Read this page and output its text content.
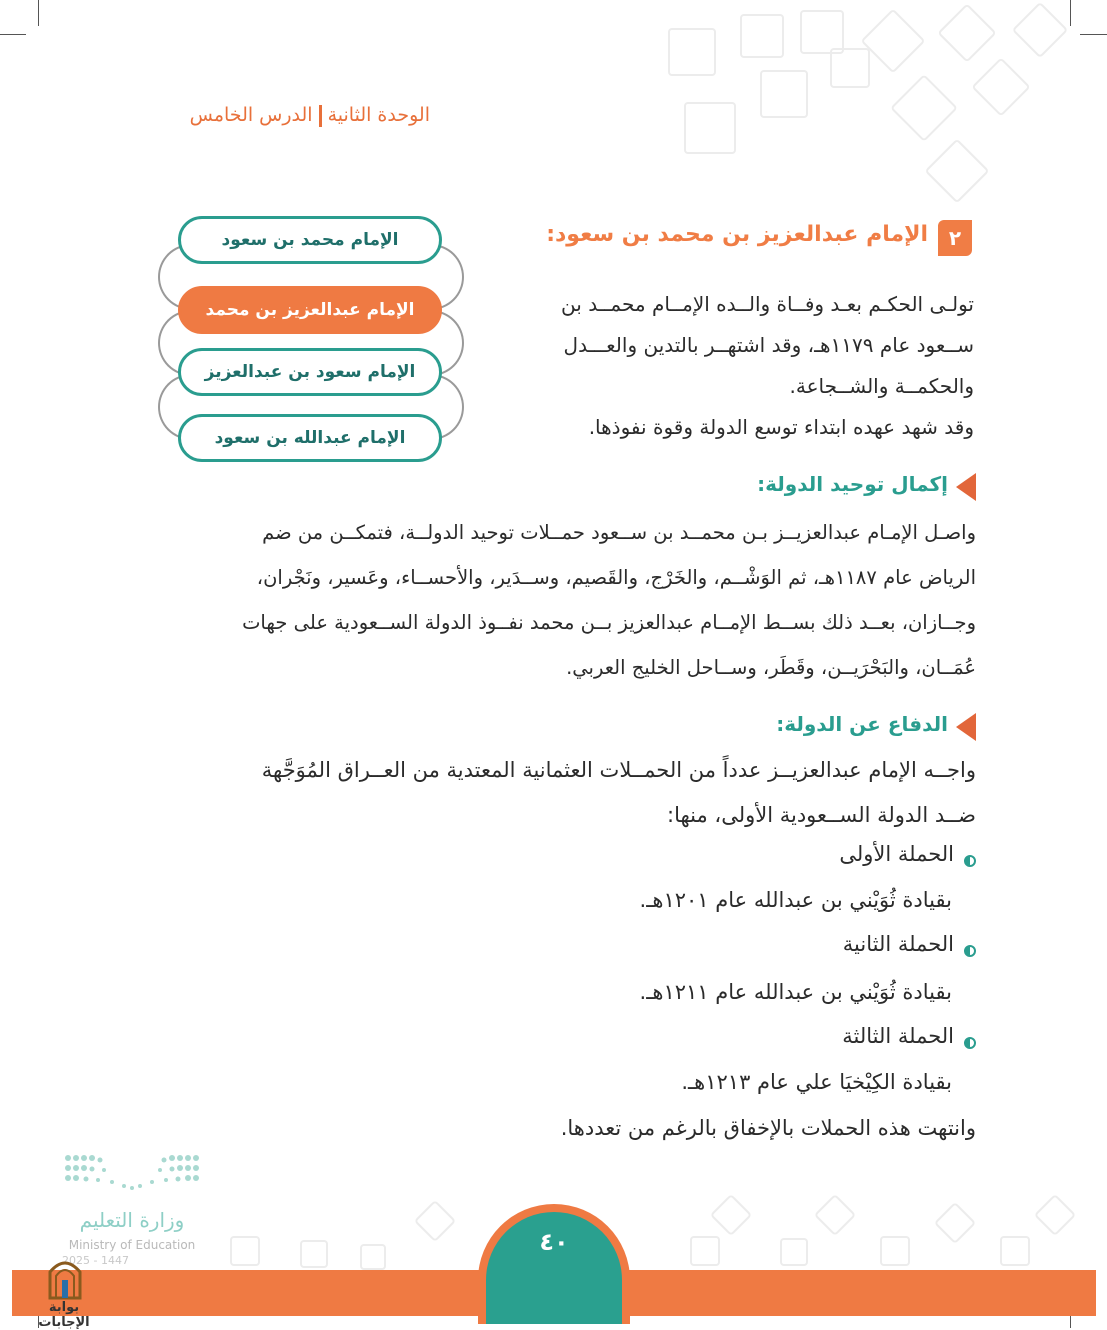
الوحدة الثانيةالدرس الخامس
٢
الإمام عبدالعزيز بن محمد بن سعود:

تولـى الحكـم بعـد وفــاة والــده الإمــام محمــد بن

ســعود عام ١١٧٩هـ، وقد اشتهــر بالتدين والعـــدل

والحكمــة والشــجاعة.

وقد شهد عهده ابتداء توسع الدولة وقوة نفوذها.

الإمام محمد بن سعود
الإمام عبدالعزيز بن محمد
الإمام سعود بن عبدالعزيز
الإمام عبدالله بن سعود
إكمال توحيد الدولة:

واصـل الإمـام عبدالعزيــز بـن محمــد بن ســعود حمــلات توحيد الدولــة، فتمكــن من ضم

الرياض عام ١١٨٧هـ، ثم الوَشْــم، والخَرْج، والقَصيم، وســدَير، والأحســاء، وعَسير، ونَجْران،

وجــازان، بعــد ذلك بســط الإمــام عبدالعزيز بــن محمد نفــوذ الدولة الســعودية على جهات

عُمَــان، والبَحْرَيــن، وقَطَر، وســاحل الخليج العربي.

الدفاع عن الدولة:

واجــه الإمام عبدالعزيــز عدداً من الحمــلات العثمانية المعتدية من العــراق المُوَجَّهة

ضــد الدولة الســعودية الأولى، منها:

الحملة الأولى
بقيادة ثُوَيْني بن عبدالله عام ١٢٠١هـ.
الحملة الثانية
بقيادة ثُوَيْني بن عبدالله عام ١٢١١هـ.
الحملة الثالثة
بقيادة الكِيْخيَا علي عام ١٢١٣هـ.
وانتهت هذه الحملات بالإخفاق بالرغم من تعددها.
٤٠
وزارة التعليم
Ministry of Education
2025 - 1447
بوابة الإجابات
